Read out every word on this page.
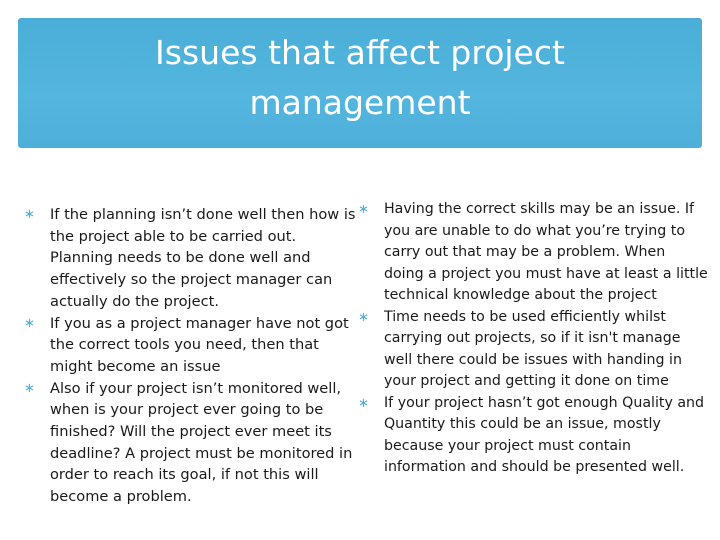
Issues that affect project
management
∗	If the planning isn’t done well then how is the project able to be carried out. Planning needs to be done well and effectively so the project manager can actually do the project.
∗	If you as a project manager have not got the correct tools you need, then that might become an issue
∗	Also if your project isn’t monitored well, when is your project ever going to be finished? Will the project ever meet its deadline? A project must be monitored in order to reach its goal, if not this will become a problem.
∗	Having the correct skills may be an issue. If you are unable to do what you’re trying to carry out that may be a problem. When doing a project you must have at least a little technical knowledge about the project
∗	Time needs to be used efficiently whilst carrying out projects, so if it isn't manage well there could be issues with handing in your project and getting it done on time
∗	If your project hasn’t got enough Quality and Quantity this could be an issue, mostly because your project must contain information and should be presented well.
